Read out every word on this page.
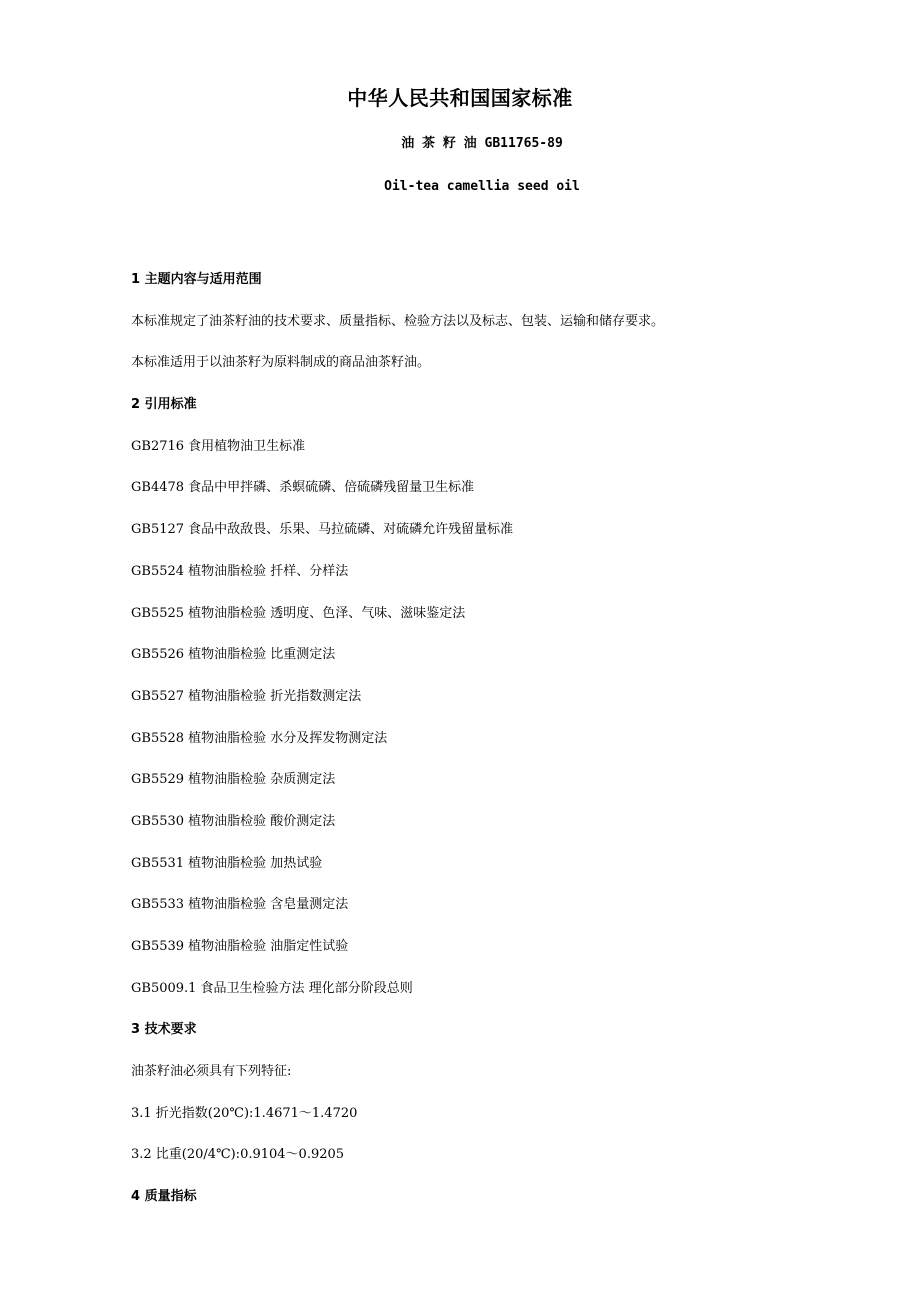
中华人民共和国国家标准
油 茶 籽 油 GB11765-89
Oil-tea camellia seed oil
1 主题内容与适用范围
本标准规定了油茶籽油的技术要求、质量指标、检验方法以及标志、包装、运输和储存要求。
本标准适用于以油茶籽为原料制成的商品油茶籽油。
2 引用标准
GB2716 食用植物油卫生标准
GB4478 食品中甲拌磷、杀螟硫磷、倍硫磷残留量卫生标准
GB5127 食品中敌敌畏、乐果、马拉硫磷、对硫磷允许残留量标准
GB5524 植物油脂检验 扦样、分样法
GB5525 植物油脂检验 透明度、色泽、气味、滋味鉴定法
GB5526 植物油脂检验 比重测定法
GB5527 植物油脂检验 折光指数测定法
GB5528 植物油脂检验 水分及挥发物测定法
GB5529 植物油脂检验 杂质测定法
GB5530 植物油脂检验 酸价测定法
GB5531 植物油脂检验 加热试验
GB5533 植物油脂检验 含皂量测定法
GB5539 植物油脂检验 油脂定性试验
GB5009.1 食品卫生检验方法 理化部分阶段总则
3 技术要求
油茶籽油必须具有下列特征:
3.1 折光指数(20℃):1.4671～1.4720
3.2 比重(20/4℃):0.9104～0.9205
4 质量指标
